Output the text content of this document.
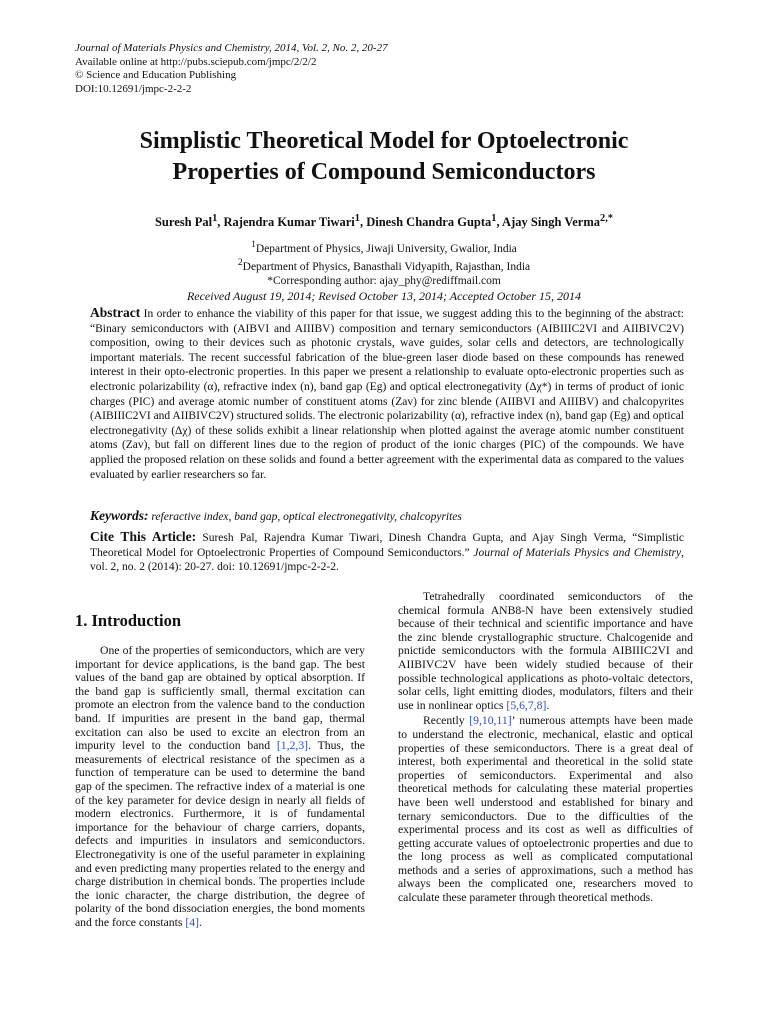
Journal of Materials Physics and Chemistry, 2014, Vol. 2, No. 2, 20-27
Available online at http://pubs.sciepub.com/jmpc/2/2/2
© Science and Education Publishing
DOI:10.12691/jmpc-2-2-2
Simplistic Theoretical Model for Optoelectronic
Properties of Compound Semiconductors
Suresh Pal$^1$, Rajendra Kumar Tiwari$^1$, Dinesh Chandra Gupta$^1$, Ajay Singh Verma$^{2,*}$
$^1$Department of Physics, Jiwaji University, Gwalior, India
$^2$Department of Physics, Banasthali Vidyapith, Rajasthan, India
*Corresponding author: ajay_phy@rediffmail.com
Received August 19, 2014; Revised October 13, 2014; Accepted October 15, 2014
Abstract In order to enhance the viability of this paper for that issue, we suggest adding this to the beginning of the abstract: “Binary semiconductors with (AIBVI and AIIIBV) composition and ternary semiconductors (AIBIIIC2VI and AIIBIVC2V) composition, owing to their devices such as photonic crystals, wave guides, solar cells and detectors, are technologically important materials. The recent successful fabrication of the blue-green laser diode based on these compounds has renewed interest in their opto-electronic properties. In this paper we present a relationship to evaluate opto-electronic properties such as electronic polarizability (α), refractive index (n), band gap (Eg) and optical electronegativity (Δχ*) in terms of product of ionic charges (PIC) and average atomic number of constituent atoms (Zav) for zinc blende (AIIBVI and AIIIBV) and chalcopyrites (AIBIIIC2VI and AIIBIVC2V) structured solids. The electronic polarizability (α), refractive index (n), band gap (Eg) and optical electronegativity (Δχ) of these solids exhibit a linear relationship when plotted against the average atomic number constituent atoms (Zav), but fall on different lines due to the region of product of the ionic charges (PIC) of the compounds. We have applied the proposed relation on these solids and found a better agreement with the experimental data as compared to the values evaluated by earlier researchers so far.
Keywords: referactive index, band gap, optical electronegativity, chalcopyrites
Cite This Article: Suresh Pal, Rajendra Kumar Tiwari, Dinesh Chandra Gupta, and Ajay Singh Verma, “Simplistic Theoretical Model for Optoelectronic Properties of Compound Semiconductors.” Journal of Materials Physics and Chemistry, vol. 2, no. 2 (2014): 20-27. doi: 10.12691/jmpc-2-2-2.
1. Introduction

One of the properties of semiconductors, which are very important for device applications, is the band gap. The best values of the band gap are obtained by optical absorption. If the band gap is sufficiently small, thermal excitation can promote an electron from the valence band to the conduction band. If impurities are present in the band gap, thermal excitation can also be used to excite an electron from an impurity level to the conduction band [1,2,3]. Thus, the measurements of electrical resistance of the specimen as a function of temperature can be used to determine the band gap of the specimen. The refractive index of a material is one of the key parameter for device design in nearly all fields of modern electronics. Furthermore, it is of fundamental importance for the behaviour of charge carriers, dopants, defects and impurities in insulators and semiconductors. Electronegativity is one of the useful parameter in explaining and even predicting many properties related to the energy and charge distribution in chemical bonds. The properties include the ionic character, the charge distribution, the degree of polarity of the bond dissociation energies, the bond moments and the force constants [4].

Tetrahedrally coordinated semiconductors of the chemical formula ANB8-N have been extensively studied because of their technical and scientific importance and have the zinc blende crystallographic structure. Chalcogenide and pnictide semiconductors with the formula AIBIIIC2VI and AIIBIVC2V have been widely studied because of their possible technological applications as photo-voltaic detectors, solar cells, light emitting diodes, modulators, filters and their use in nonlinear optics [5,6,7,8].

Recently [9,10,11]’ numerous attempts have been made to understand the electronic, mechanical, elastic and optical properties of these semiconductors. There is a great deal of interest, both experimental and theoretical in the solid state properties of semiconductors. Experimental and also theoretical methods for calculating these material properties have been well understood and established for binary and ternary semiconductors. Due to the difficulties of the experimental process and its cost as well as difficulties of getting accurate values of optoelectronic properties and due to the long process as well as complicated computational methods and a series of approximations, such a method has always been the complicated one, researchers moved to calculate these parameter through theoretical methods.
